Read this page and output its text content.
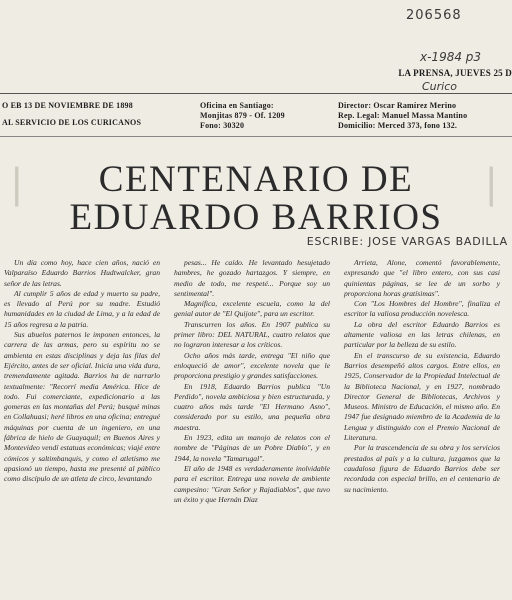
206568
x-1984 p3
Curico
LA PRENSA, JUEVES 25 D
O EB 13 DE NOVIEMBRE DE 1898
AL SERVICIO DE LOS CURICANOS
Oficina en Santiago:
Monjitas 879 - Of. 1209
Fono: 30320
Director: Oscar Ramírez Merino
Rep. Legal: Manuel Massa Mantino
Domicilio: Merced 373, fono 132.
❘	❘
CENTENARIO DE
EDUARDO BARRIOS
ESCRIBE: JOSE VARGAS BADILLA

Un día como hoy, hace cien años, nació en Valparaíso Eduardo Barrios Hudtwalcker, gran señor de las letras.

Al cumplir 5 años de edad y muerto su padre, es llevado al Perú por su madre. Estudió humanidades en la ciudad de Lima, y a la edad de 15 años regresa a la patria.

Sus abuelos paternos le imponen entonces, la carrera de las armas, pero su espíritu no se ambienta en estas disciplinas y deja las filas del Ejército, antes de ser oficial. Inicia una vida dura, tremendamente agitada. Barrios ha de narrarlo textualmente: "Recorrí media América. Hice de todo. Fui comerciante, expedicionario a las gomeras en las montañas del Perú; busqué minas en Collahuasi; heré libros en una oficina; entregué máquinas por cuenta de un ingeniero, en una fábrica de hielo de Guayaquil; en Buenos Aires y Montevideo vendí estatuas económicas; viajé entre cómicos y saltimbanquis, y como el atletismo me apasionó un tiempo, hasta me presenté al público como discípulo de un atleta de circo, levantando

pesas... He caído. He levantado hesujetado hambres, he gozado hartazgos. Y siempre, en medio de todo, me respeté... Porque soy un sentimental".

Magnífica, excelente escuela, como la del genial autor de "El Quijote", para un escritor.

Transcurren los años. En 1907 publica su primer libro: DEL NATURAL, cuatro relatos que no lograron interesar a los críticos.

Ocho años más tarde, entrega "El niño que enloqueció de amor", excelente novela que le proporciona prestigio y grandes satisfacciones.

En 1918, Eduardo Barrios publica "Un Perdido", novela ambiciosa y bien estructurada, y cuatro años más tarde "El Hermano Asno", considerado por su estilo, una pequeña obra maestra.

En 1923, edita un manojo de relatos con el nombre de "Páginas de un Pobre Diablo", y en 1944, la novela "Tamarugal".

El año de 1948 es verdaderamente inolvidable para el escritor. Entrega una novela de ambiente campesino: "Gran Señor y Rajadiablos", que tuvo un éxito y que Hernán Díaz

Arrieta, Alone, comentó favorablemente, expresando que "el libro entero, con sus casi quinientas páginas, se lee de un sorbo y proporciona horas gratísimas".

Con "Los Hombres del Hombre", finaliza el escritor la valiosa producción novelesca.

La obra del escritor Eduardo Barrios es altamente valiosa en las letras chilenas, en particular por la belleza de su estilo.

En el transcurso de su existencia, Eduardo Barrios desempeñó altos cargos. Entre ellos, en 1925, Conservador de la Propiedad Intelectual de la Biblioteca Nacional, y en 1927, nombrado Director General de Bibliotecas, Archivos y Museos. Ministro de Educación, el mismo año. En 1947 fue designado miembro de la Academia de la Lengua y distinguido con el Premio Nacional de Literatura.

Por la trascendencia de su obra y los servicios prestados al país y a la cultura, juzgamos que la caudalosa figura de Eduardo Barrios debe ser recordada con especial brillo, en el centenario de su nacimiento.
